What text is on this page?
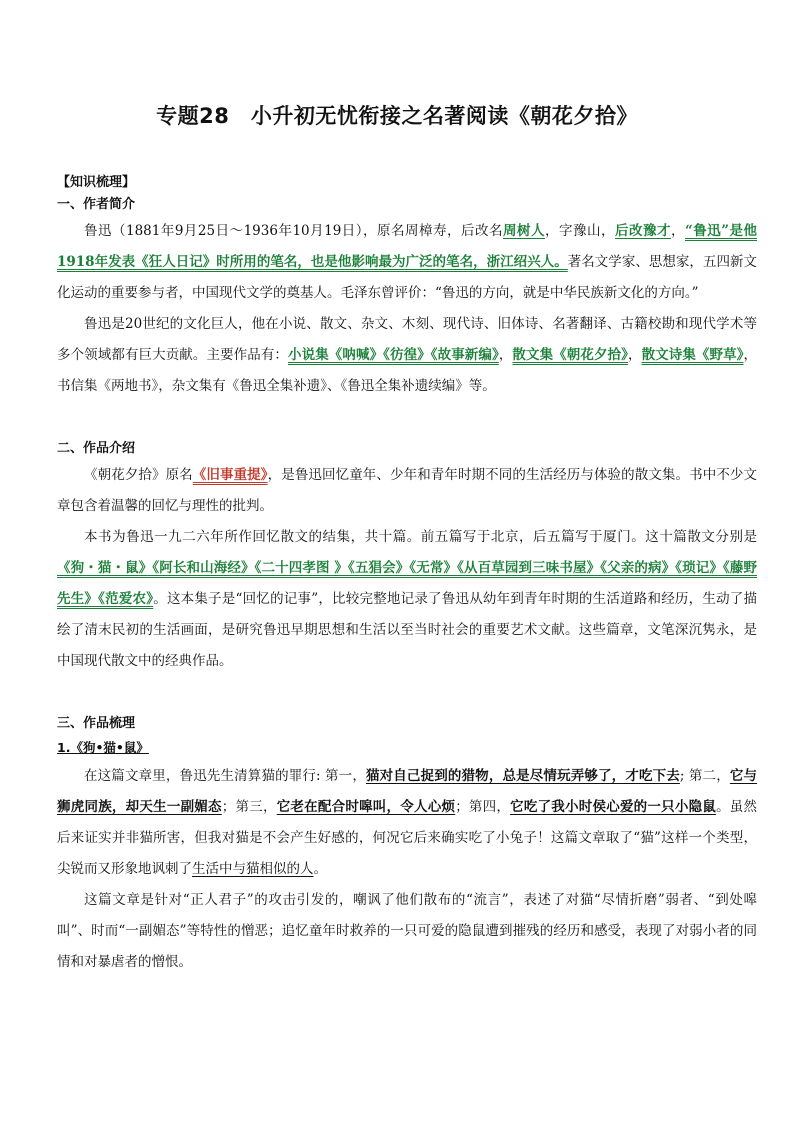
专题28　小升初无忧衔接之名著阅读《朝花夕拾》
【知识梳理】
一、作者简介

鲁迅（1881年9月25日～1936年10月19日），原名周樟寿，后改名周树人，字豫山，后改豫才，“鲁迅”是他1918年发表《狂人日记》时所用的笔名，也是他影响最为广泛的笔名，浙江绍兴人。著名文学家、思想家，五四新文化运动的重要参与者，中国现代文学的奠基人。毛泽东曾评价：“鲁迅的方向，就是中华民族新文化的方向。”

鲁迅是20世纪的文化巨人，他在小说、散文、杂文、木刻、现代诗、旧体诗、名著翻译、古籍校勘和现代学术等多个领域都有巨大贡献。主要作品有：小说集《呐喊》《彷徨》《故事新编》，散文集《朝花夕拾》，散文诗集《野草》，书信集《两地书》，杂文集有《鲁迅全集补遗》、《鲁迅全集补遗续编》等。

二、作品介绍

《朝花夕拾》原名《旧事重提》，是鲁迅回忆童年、少年和青年时期不同的生活经历与体验的散文集。书中不少文章包含着温馨的回忆与理性的批判。

本书为鲁迅一九二六年所作回忆散文的结集，共十篇。前五篇写于北京，后五篇写于厦门。这十篇散文分别是《狗・猫・鼠》《阿长和山海经》《二十四孝图 》《五猖会》《无常》《从百草园到三味书屋》《父亲的病》《琐记》《藤野先生》《范爱农》。这本集子是“回忆的记事”，比较完整地记录了鲁迅从幼年到青年时期的生活道路和经历，生动了描绘了清末民初的生活画面，是研究鲁迅早期思想和生活以至当时社会的重要艺术文献。这些篇章，文笔深沉隽永，是中国现代散文中的经典作品。

三、作品梳理
1.《狗•猫•鼠》

在这篇文章里，鲁迅先生清算猫的罪行: 第一，猫对自己捉到的猎物，总是尽情玩弄够了，才吃下去; 第二，它与狮虎同族，却天生一副媚态；第三，它老在配合时嗥叫，令人心烦；第四，它吃了我小时侯心爱的一只小隐鼠。虽然后来证实并非猫所害，但我对猫是不会产生好感的，何况它后来确实吃了小兔子！这篇文章取了“猫”这样一个类型，尖锐而又形象地讽刺了生活中与猫相似的人。

这篇文章是针对“正人君子”的攻击引发的，嘲讽了他们散布的“流言”，表述了对猫“尽情折磨”弱者、“到处嗥叫”、时而“一副媚态”等特性的憎恶；追忆童年时救养的一只可爱的隐鼠遭到摧残的经历和感受，表现了对弱小者的同情和对暴虐者的憎恨。
